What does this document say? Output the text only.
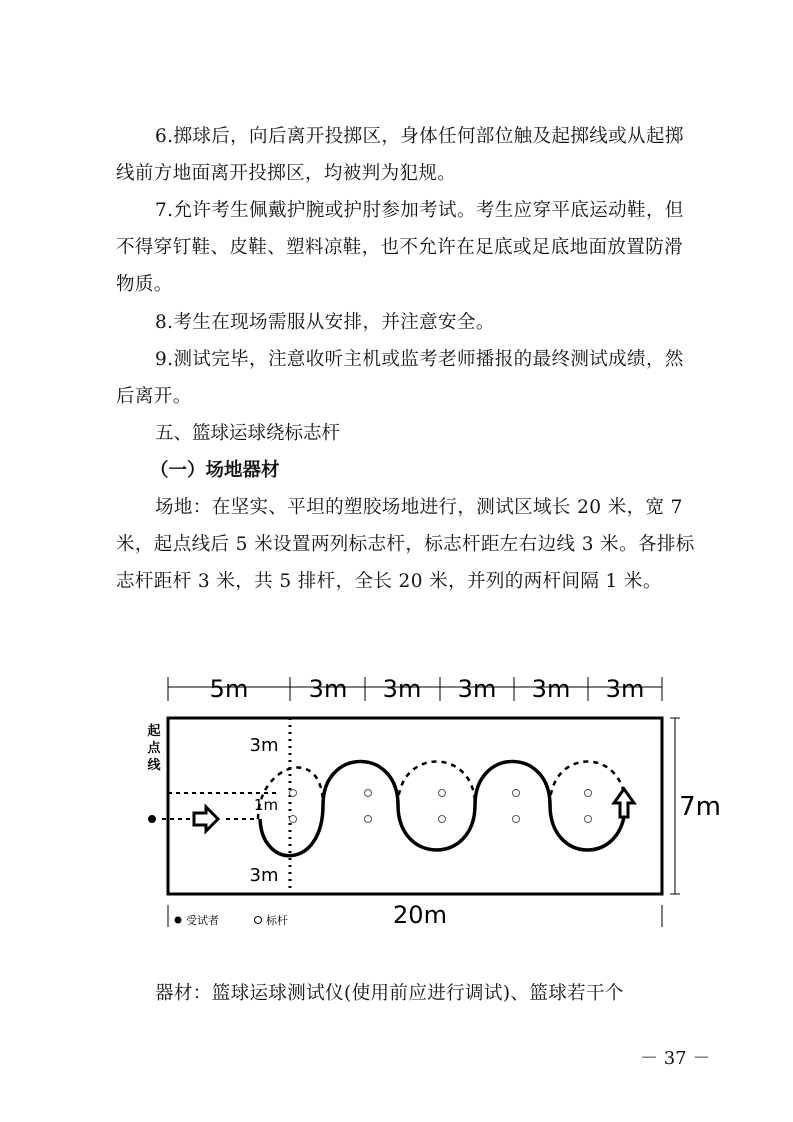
6.掷球后，向后离开投掷区，身体任何部位触及起掷线或从起掷线前方地面离开投掷区，均被判为犯规。

7.允许考生佩戴护腕或护肘参加考试。考生应穿平底运动鞋，但不得穿钉鞋、皮鞋、塑料凉鞋，也不允许在足底或足底地面放置防滑物质。

8.考生在现场需服从安排，并注意安全。

9.测试完毕，注意收听主机或监考老师播报的最终测试成绩，然后离开。

五、篮球运球绕标志杆
（一）场地器材

场地：在坚实、平坦的塑胶场地进行，测试区域长 20 米，宽 7 米，起点线后 5 米设置两列标志杆，标志杆距左右边线 3 米。各排标志杆距杆 3 米，共 5 排杆，全长 20 米，并列的两杆间隔 1 米。

5m	3m 3m 3m 3m 3m
7m
20m
起
点
线
3m
1m
3m
受试者	标杆

器材：篮球运球测试仪(使用前应进行调试)、篮球若干个

－ 37 －
